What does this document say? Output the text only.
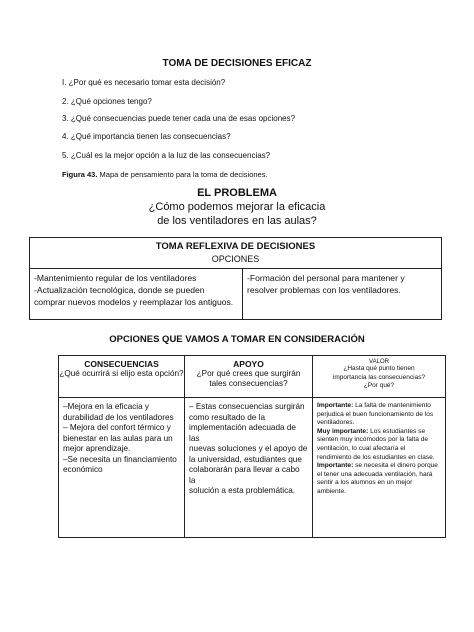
TOMA DE DECISIONES EFICAZ
I. ¿Por qué es necesario tomar esta decisión?
2. ¿Qué opciones tengo?
3. ¿Qué consecuencias puede tener cada una de esas opciones?
4. ¿Qué importancia tienen las consecuencias?
5. ¿Cuál es la mejor opción a la luz de las consecuencias?
Figura 43. Mapa de pensamiento para la toma de decisiones.
EL PROBLEMA
¿Cómo podemos mejorar la eficacia
de los ventiladores en las aulas?
TOMA REFLEXIVA DE DECISIONES
OPCIONES
-Mantenimiento regular de los ventiladores
-Actualización tecnológica, donde se pueden
comprar nuevos modelos y reemplazar los antiguos.
-Formación del personal para mantener y
resolver problemas con los ventiladores.
OPCIONES QUE VAMOS A TOMAR EN CONSIDERACIÓN
CONSECUENCIAS
¿Qué ocurrirá si elijo esta opción?
–Mejora en la eficacia y
durabilidad de los ventiladores
– Mejora del confort térmico y
bienestar en las aulas para un
mejor aprendizaje.
–Se necesita un financiamiento
económico
APOYO
¿Por qué crees que surgirán
tales consecuencias?
– Estas consecuencias surgirán
como resultado de la
implementación adecuada de las
nuevas soluciones y el apoyo de
la universidad, estudiantes que
colaborarán para llevar a cabo la
solución a esta problemática.
VALOR
¿Hasta qué punto tienen
importancia las consecuencias?
¿Por qué?
Importante: La falta de mantenimiento
perjudica el buen funcionamiento de los
ventiladores.
Muy importante: Los estudiantes se
sienten muy incómodos por la falta de
ventilación, lo cual afectaría el
rendimiento de los estudiantes en clase.
Importante: se necesita el dinero porque
el tener una adecuada ventilación, hará
sentir a los alumnos en un mejor
ambiente.
